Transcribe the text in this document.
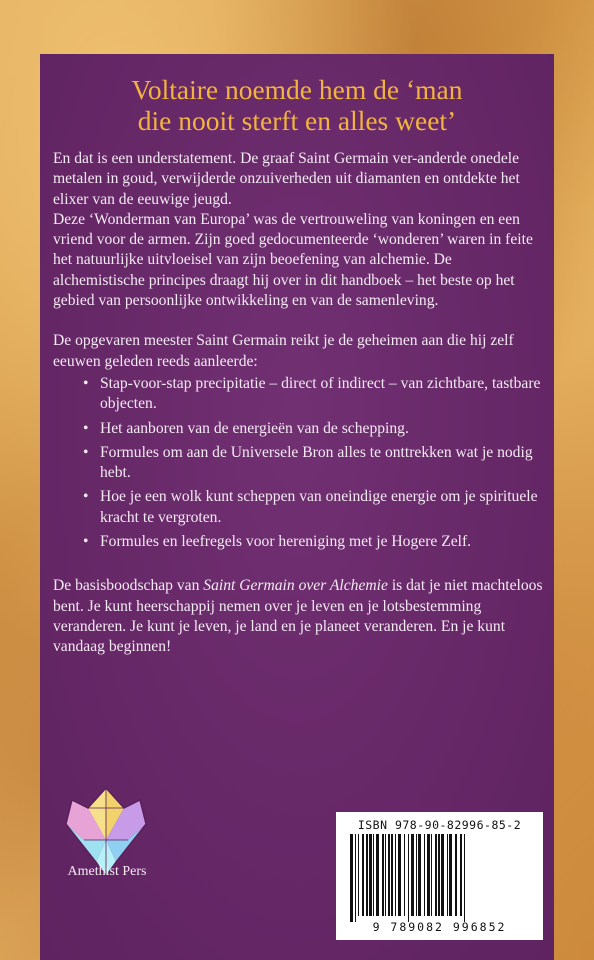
Voltaire noemde hem de ‘man
die nooit sterft en alles weet’

En dat is een understatement. De graaf Saint Germain ver-anderde onedele metalen in goud, verwijderde onzuiverheden uit diamanten en ontdekte het elixer van de eeuwige jeugd.

Deze ‘Wonderman van Europa’ was de vertrouweling van koningen en een vriend voor de armen. Zijn goed gedocumenteerde ‘wonderen’ waren in feite het natuurlijke uitvloeisel van zijn beoefening van alchemie. De alchemistische principes draagt hij over in dit handboek – het beste op het gebied van persoonlijke ontwikkeling en van de samenleving.

De opgevaren meester Saint Germain reikt je de geheimen aan die hij zelf eeuwen geleden reeds aanleerde:

• Stap-voor-stap precipitatie – direct of indirect – van zichtbare, tastbare objecten.
• Het aanboren van de energieën van de schepping.
• Formules om aan de Universele Bron alles te onttrekken wat je nodig hebt.
• Hoe je een wolk kunt scheppen van oneindige energie om je spirituele kracht te vergroten.
• Formules en leefregels voor hereniging met je Hogere Zelf.

De basisboodschap van Saint Germain over Alchemie is dat je niet machteloos bent. Je kunt heerschappij nemen over je leven en je lotsbestemming veranderen. Je kunt je leven, je land en je planeet veranderen. En je kunt vandaag beginnen!

ISBN 978-90-82996-85-2
9 789082 996852
Amethist Pers
